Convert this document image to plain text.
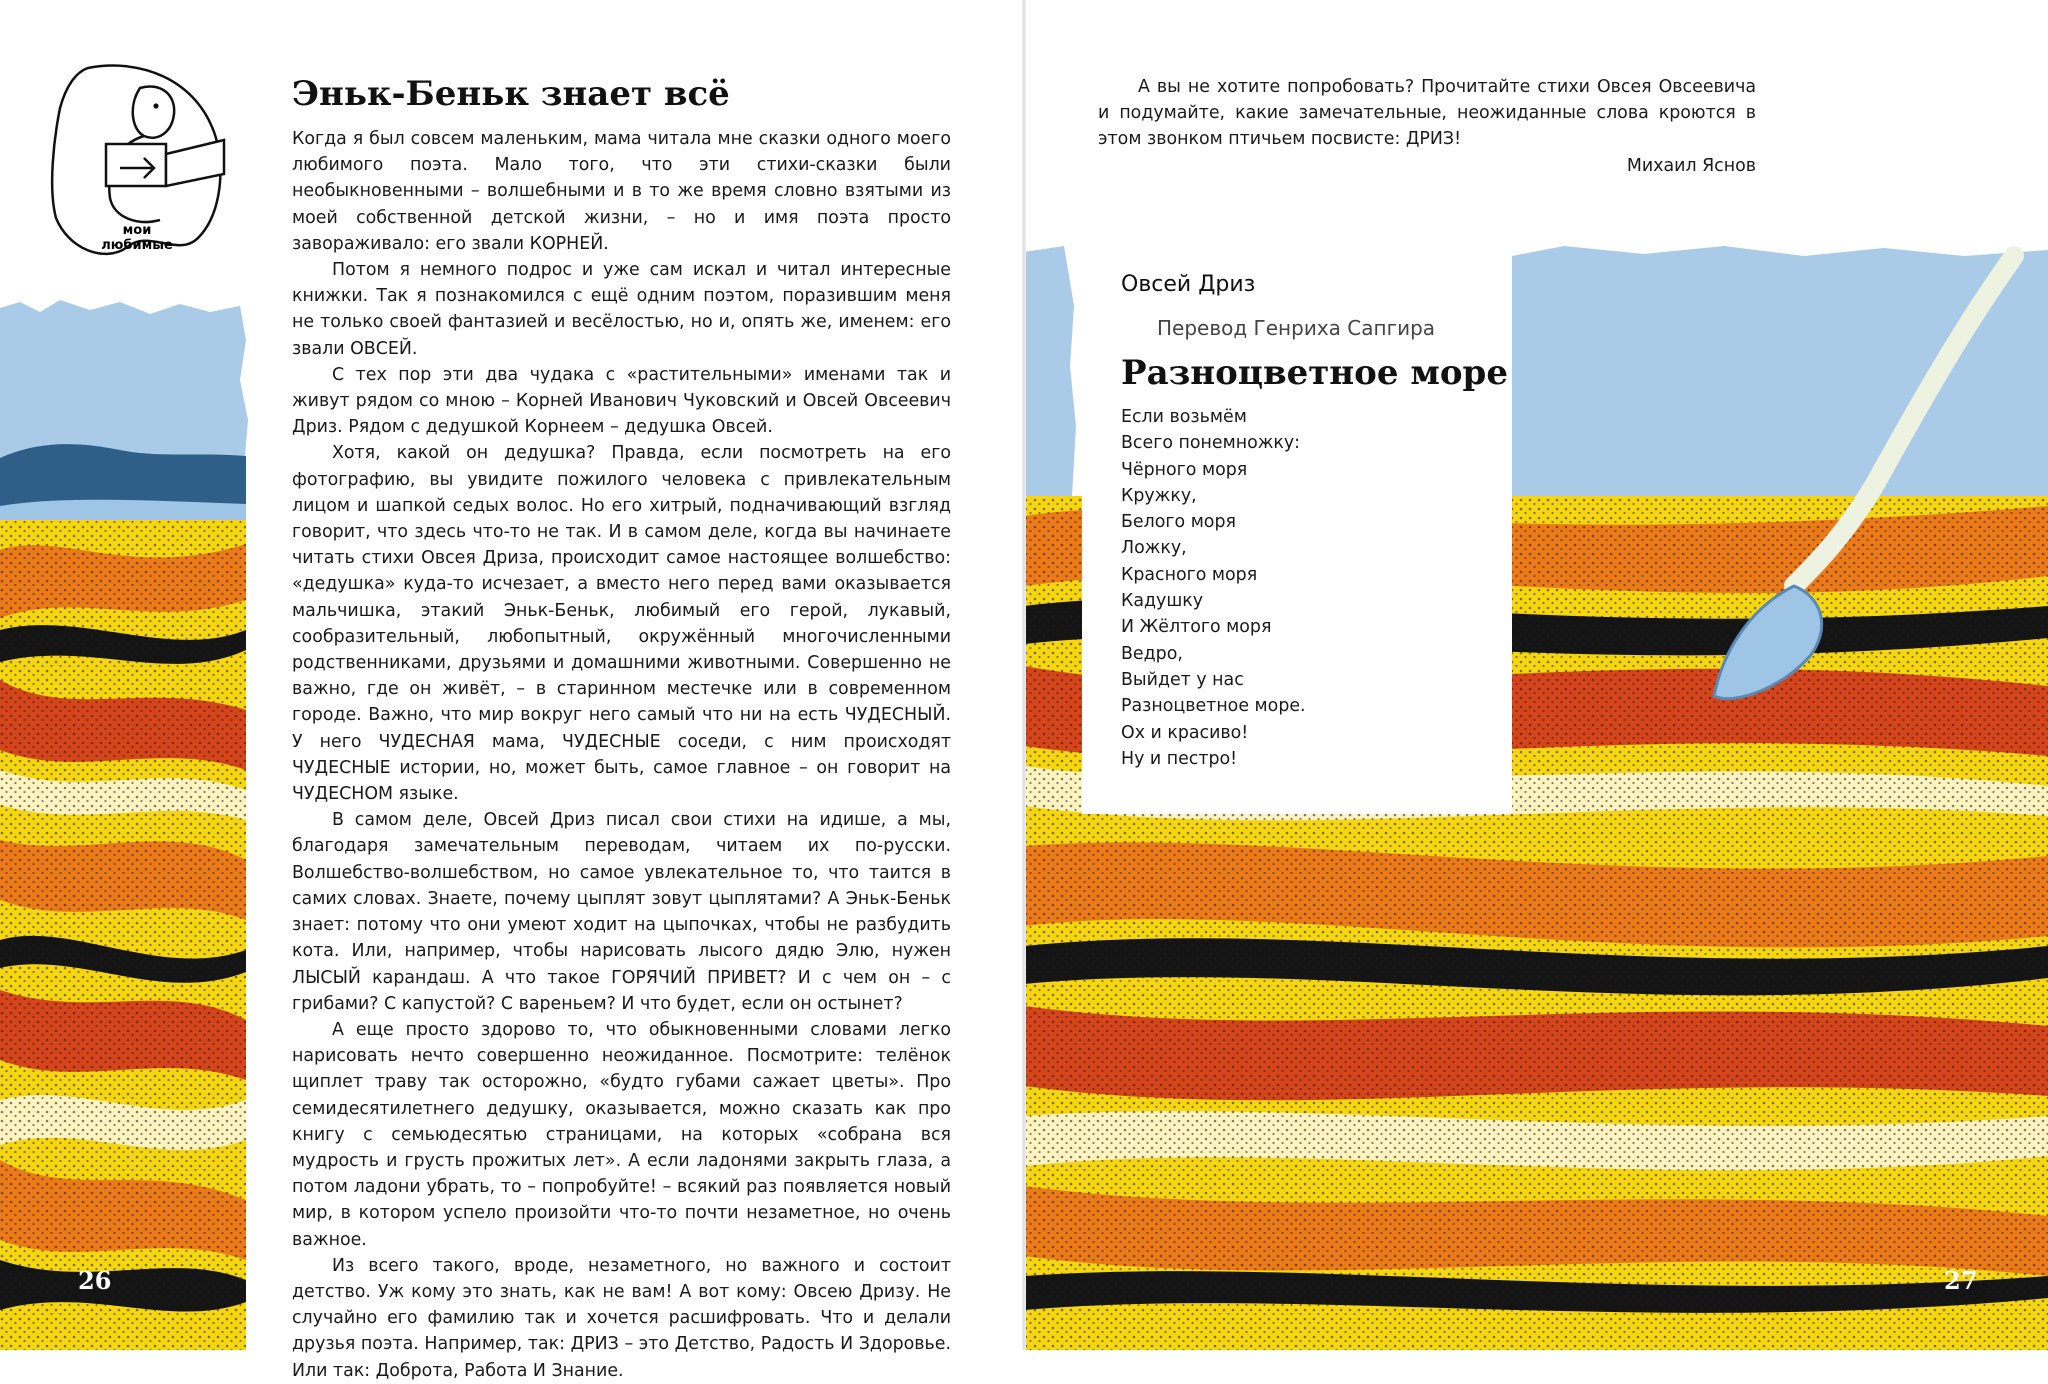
мои
любимые
Эньк-Беньк знает всё

Когда я был совсем маленьким, мама читала мне сказки одного моего любимого поэта. Мало того, что эти стихи-сказки были необыкновенными – волшебными и в то же время словно взятыми из моей собственной детской жизни, – но и имя поэта просто завораживало: его звали КОРНЕЙ.

Потом я немного подрос и уже сам искал и читал интересные книжки. Так я познакомился с ещё одним поэтом, поразившим меня не только своей фантазией и весёлостью, но и, опять же, именем: его звали ОВСЕЙ.

С тех пор эти два чудака с «растительными» именами так и живут рядом со мною – Корней Иванович Чуковский и Овсей Овсеевич Дриз. Рядом с дедушкой Корнеем – дедушка Овсей.

Хотя, какой он дедушка? Правда, если посмотреть на его фотографию, вы увидите пожилого человека с привлекательным лицом и шапкой седых волос. Но его хитрый, подначивающий взгляд говорит, что здесь что-то не так. И в самом деле, когда вы начинаете читать стихи Овсея Дриза, происходит самое настоящее волшебство: «дедушка» куда-то исчезает, а вместо него перед вами оказывается мальчишка, этакий Эньк-Беньк, любимый его герой, лукавый, сообразительный, любопытный, окружённый многочисленными родственниками, друзьями и домашними животными. Совершенно не важно, где он живёт, – в старинном местечке или в современном городе. Важно, что мир вокруг него самый что ни на есть ЧУДЕСНЫЙ. У него ЧУДЕСНАЯ мама, ЧУДЕСНЫЕ соседи, с ним происходят ЧУДЕСНЫЕ истории, но, может быть, самое главное – он говорит на ЧУДЕСНОМ языке.

В самом деле, Овсей Дриз писал свои стихи на идише, а мы, благодаря замечательным переводам, читаем их по-русски. Волшебство-волшебством, но самое увлекательное то, что таится в самих словах. Знаете, почему цыплят зовут цыплятами? А Эньк-Беньк знает: потому что они умеют ходит на цыпочках, чтобы не разбудить кота. Или, например, чтобы нарисовать лысого дядю Элю, нужен ЛЫСЫЙ карандаш. А что такое ГОРЯЧИЙ ПРИВЕТ? И с чем он – с грибами? С капустой? С вареньем? И что будет, если он остынет?

А еще просто здорово то, что обыкновенными словами легко нарисовать нечто совершенно неожиданное. Посмотрите: телёнок щиплет траву так осторожно, «будто губами сажает цветы». Про семидесятилетнего дедушку, оказывается, можно сказать как про книгу с семьюдесятью страницами, на которых «собрана вся мудрость и грусть прожитых лет». А если ладонями закрыть глаза, а потом ладони убрать, то – попробуйте! – всякий раз появляется новый мир, в котором успело произойти что-то почти незаметное, но очень важное.

Из всего такого, вроде, незаметного, но важного и состоит детство. Уж кому это знать, как не вам! А вот кому: Овсею Дризу. Не случайно его фамилию так и хочется расшифровать. Что и делали друзья поэта. Например, так: ДРИЗ – это Детство, Радость И Здоровье. Или так: Доброта, Работа И Знание.

26	27

А вы не хотите попробовать? Прочитайте стихи Овсея Овсеевича и подумайте, какие замечательные, неожиданные слова кроются в этом звонком птичьем посвисте: ДРИЗ!

Михаил Яснов

Овсей Дриз

Перевод Генриха Сапгира

Разноцветное море
Если возьмём
Всего понемножку:
Чёрного моря
Кружку,
Белого моря
Ложку,
Красного моря
Кадушку
И Жёлтого моря
Ведро,
Выйдет у нас
Разноцветное море.
Ох и красиво!
Ну и пестро!
